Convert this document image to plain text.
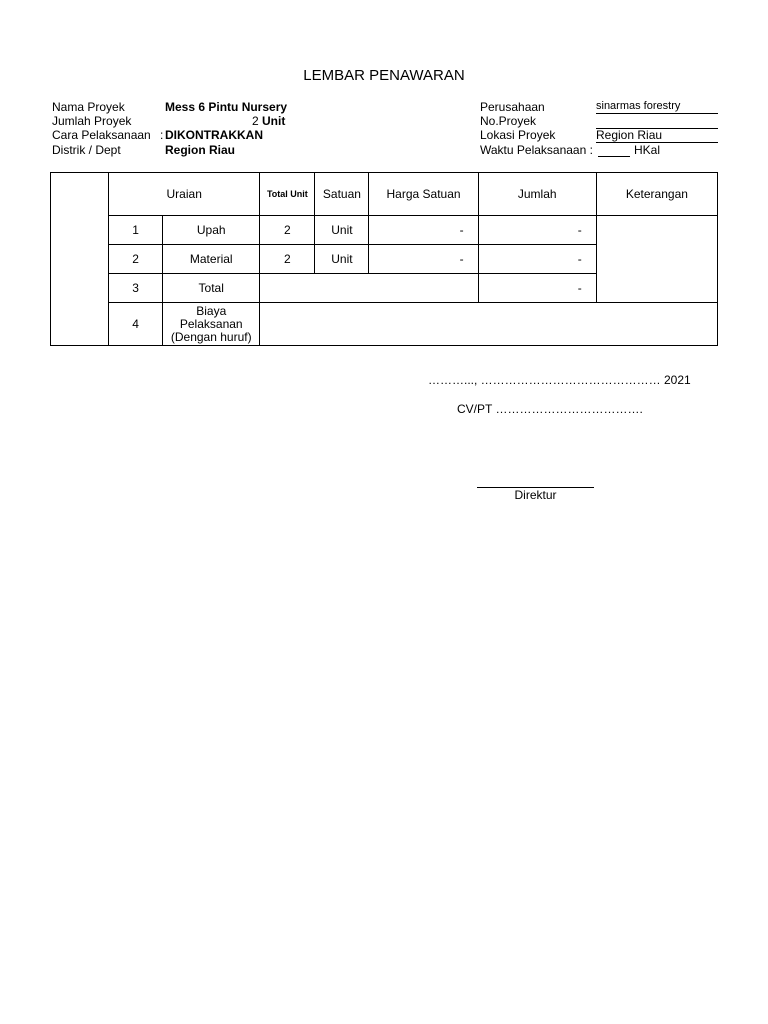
LEMBAR PENAWARAN
Nama Proyek	Mess 6 Pintu Nursery
Jumlah Proyek	2 Unit
Cara Pelaksanaan : DIKONTRAKKAN
Distrik / Dept	Region Riau
Perusahaan	sinarmas forestry
No.Proyek
Lokasi Proyek	Region Riau
Waktu Pelaksanaan :	HKal
	Uraian		Total Unit	Satuan	Harga Satuan	Jumlah	Keterangan
	1	Upah	2	Unit	-	-	
	2	Material	2	Unit	-	-	
	3	Total				-	
	4	Biaya
Pelaksanan
(Dengan huruf)					

………..., ……………………………………… 2021
CV/PT ……………………………….
Direktur
